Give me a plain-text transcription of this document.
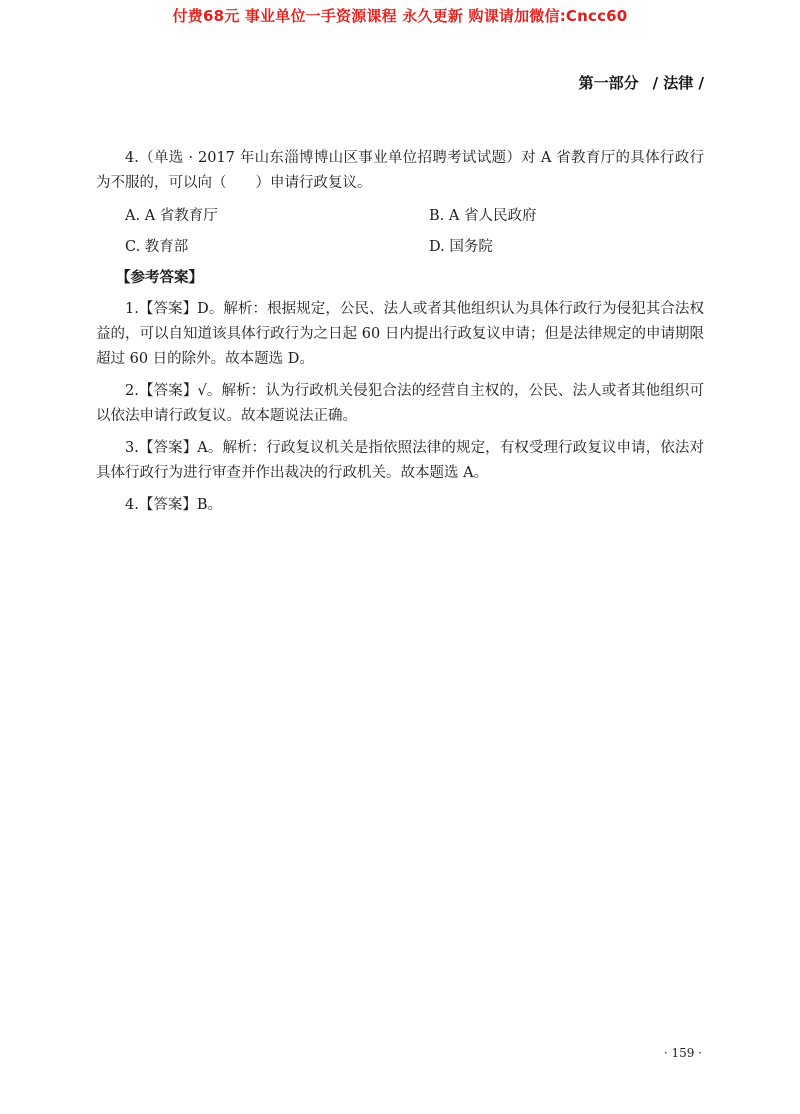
付费68元 事业单位一手资源课程 永久更新 购课请加微信:Cncc60
第一部分 / 法律 /

4.（单选 · 2017 年山东淄博博山区事业单位招聘考试试题）对 A 省教育厅的具体行政行为不服的，可以向（　　）申请行政复议。

A. A 省教育厅	B. A 省人民政府
C. 教育部	D. 国务院
【参考答案】

1.【答案】D。解析：根据规定，公民、法人或者其他组织认为具体行政行为侵犯其合法权益的，可以自知道该具体行政行为之日起 60 日内提出行政复议申请；但是法律规定的申请期限超过 60 日的除外。故本题选 D。

2.【答案】√。解析：认为行政机关侵犯合法的经营自主权的，公民、法人或者其他组织可以依法申请行政复议。故本题说法正确。

3.【答案】A。解析：行政复议机关是指依照法律的规定，有权受理行政复议申请，依法对具体行政行为进行审查并作出裁决的行政机关。故本题选 A。

4.【答案】B。

· 159 ·
